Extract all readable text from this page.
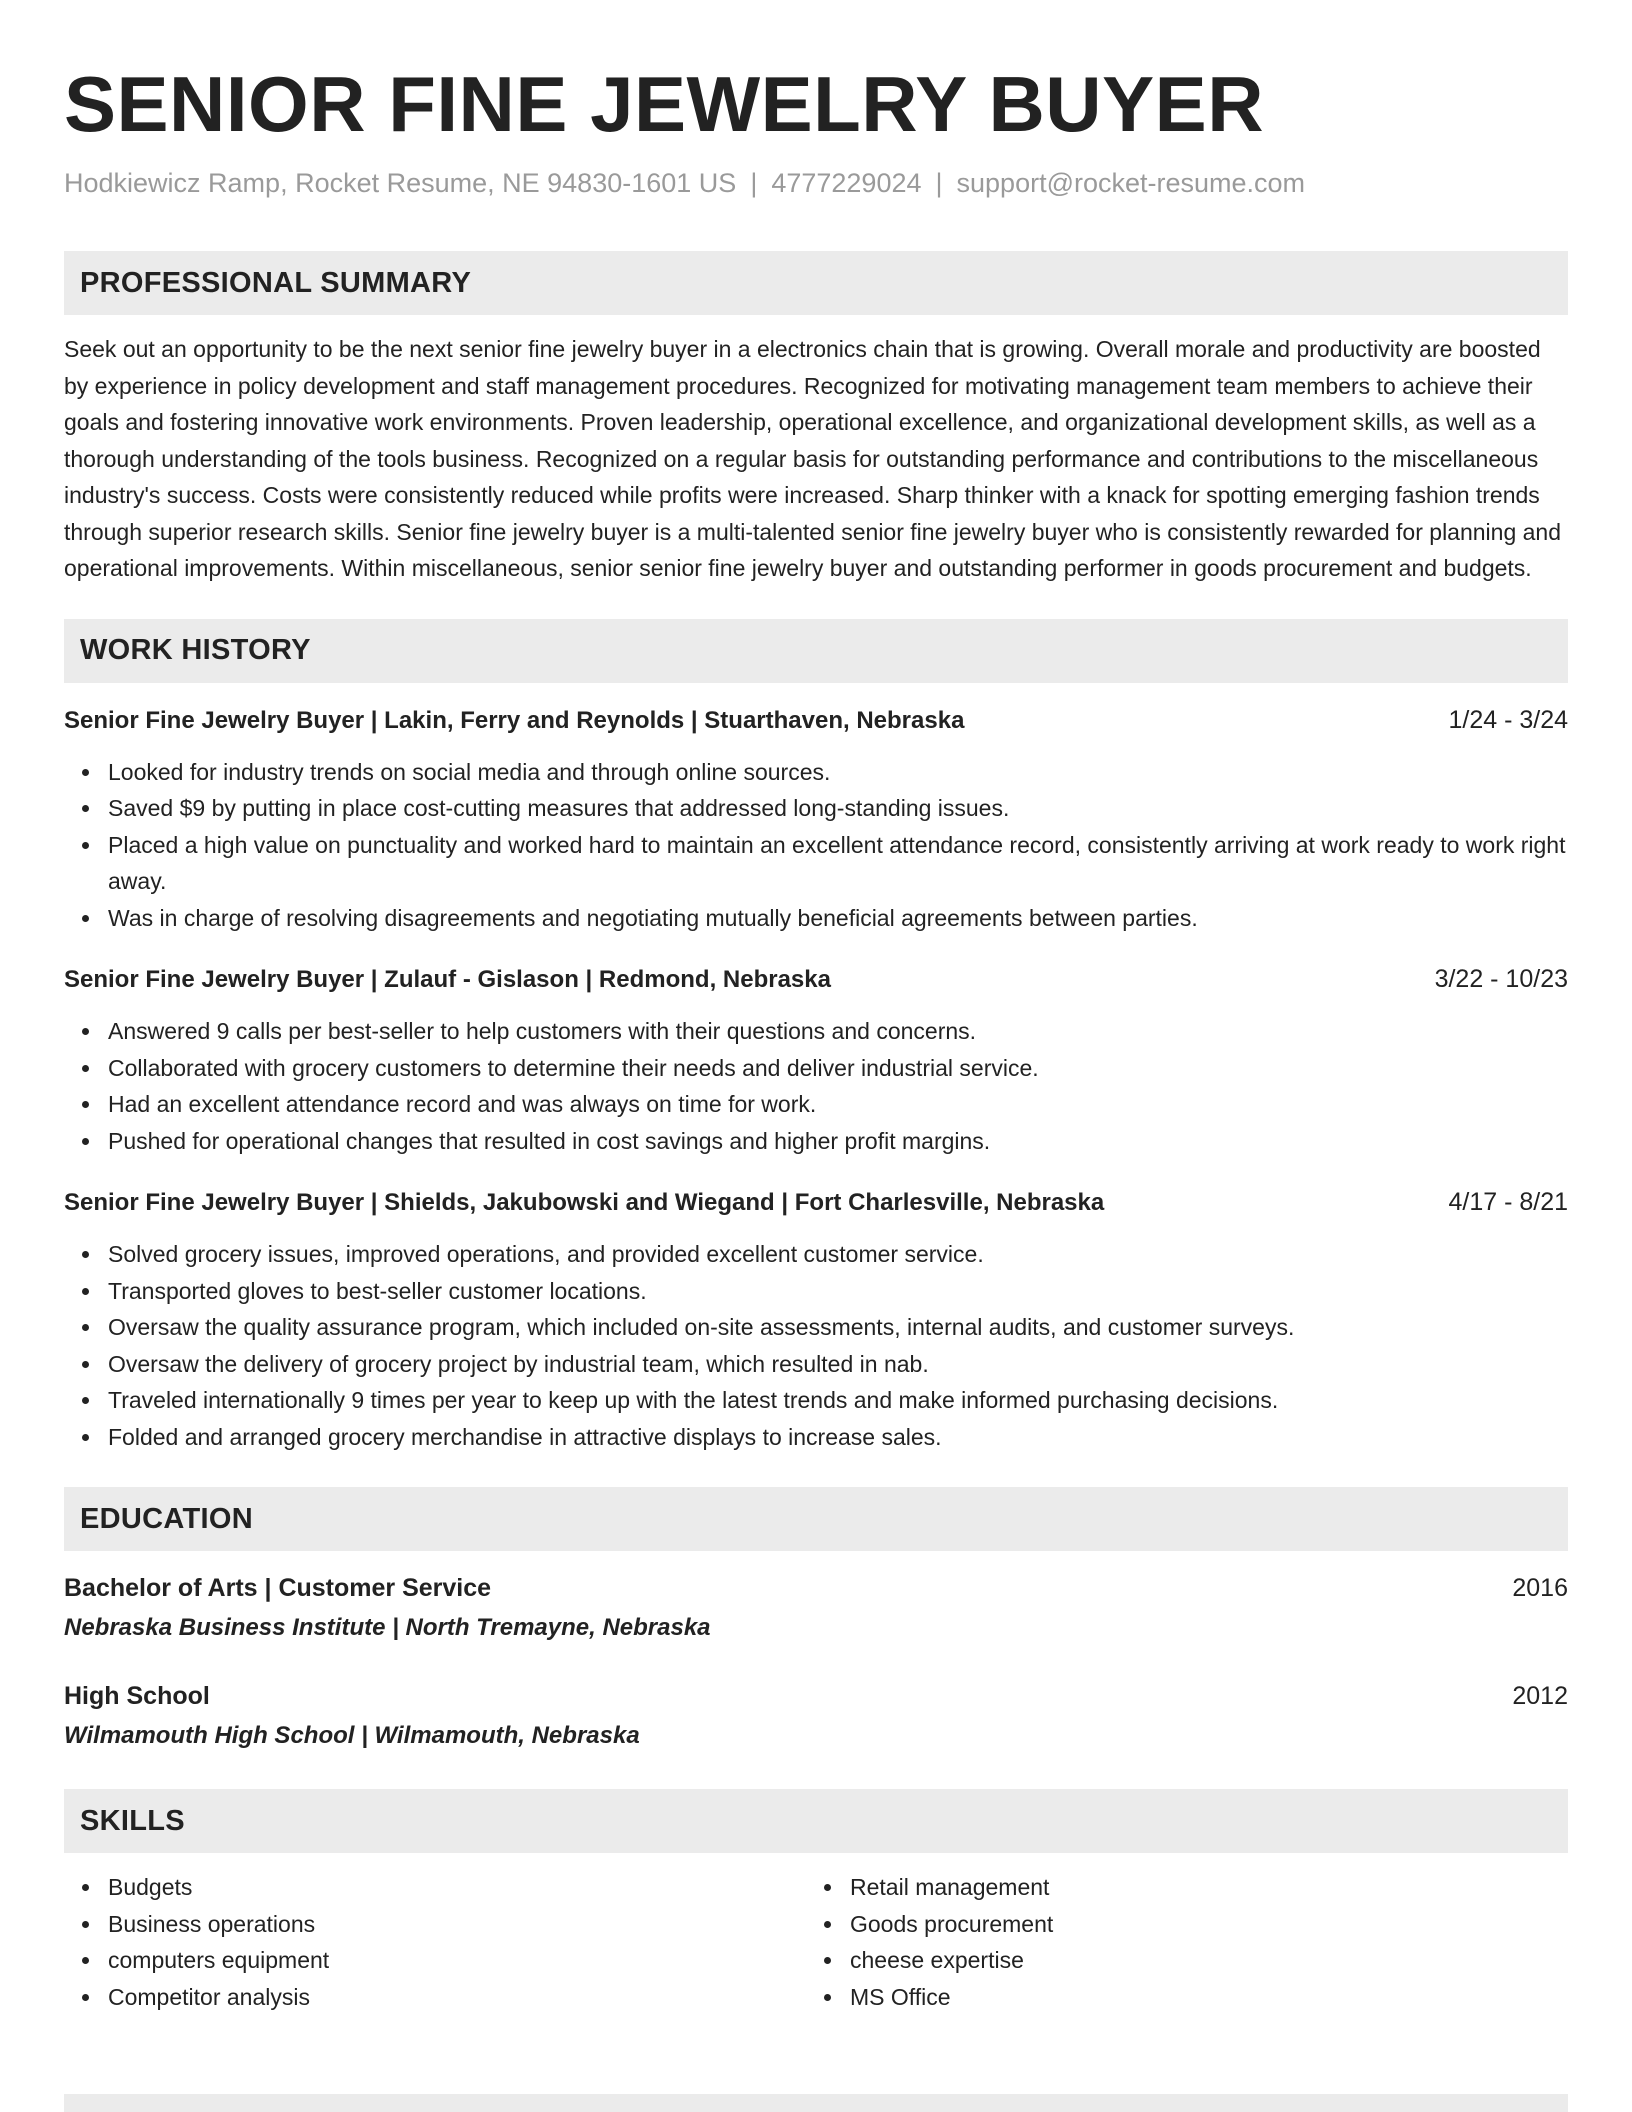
SENIOR FINE JEWELRY BUYER
Hodkiewicz Ramp, Rocket Resume, NE 94830-1601 US | 4777229024 | support@rocket-resume.com
PROFESSIONAL SUMMARY

Seek out an opportunity to be the next senior fine jewelry buyer in a electronics chain that is growing. Overall morale and productivity are boosted by experience in policy development and staff management procedures. Recognized for motivating management team members to achieve their goals and fostering innovative work environments. Proven leadership, operational excellence, and organizational development skills, as well as a thorough understanding of the tools business. Recognized on a regular basis for outstanding performance and contributions to the miscellaneous industry's success. Costs were consistently reduced while profits were increased. Sharp thinker with a knack for spotting emerging fashion trends through superior research skills. Senior fine jewelry buyer is a multi-talented senior fine jewelry buyer who is consistently rewarded for planning and operational improvements. Within miscellaneous, senior senior fine jewelry buyer and outstanding performer in goods procurement and budgets.

WORK HISTORY
Senior Fine Jewelry Buyer | Lakin, Ferry and Reynolds | Stuarthaven, Nebraska	1/24 - 3/24
Looked for industry trends on social media and through online sources.
Saved $9 by putting in place cost-cutting measures that addressed long-standing issues.
Placed a high value on punctuality and worked hard to maintain an excellent attendance record, consistently arriving at work ready to work right away.
Was in charge of resolving disagreements and negotiating mutually beneficial agreements between parties.
Senior Fine Jewelry Buyer | Zulauf - Gislason | Redmond, Nebraska	3/22 - 10/23
Answered 9 calls per best-seller to help customers with their questions and concerns.
Collaborated with grocery customers to determine their needs and deliver industrial service.
Had an excellent attendance record and was always on time for work.
Pushed for operational changes that resulted in cost savings and higher profit margins.
Senior Fine Jewelry Buyer | Shields, Jakubowski and Wiegand | Fort Charlesville, Nebraska	4/17 - 8/21
Solved grocery issues, improved operations, and provided excellent customer service.
Transported gloves to best-seller customer locations.
Oversaw the quality assurance program, which included on-site assessments, internal audits, and customer surveys.
Oversaw the delivery of grocery project by industrial team, which resulted in nab.
Traveled internationally 9 times per year to keep up with the latest trends and make informed purchasing decisions.
Folded and arranged grocery merchandise in attractive displays to increase sales.
EDUCATION
Bachelor of Arts | Customer Service	2016
Nebraska Business Institute | North Tremayne, Nebraska
High School	2012
Wilmamouth High School | Wilmamouth, Nebraska
SKILLS
Budgets
Business operations
computers equipment
Competitor analysis
Retail management
Goods procurement
cheese expertise
MS Office
